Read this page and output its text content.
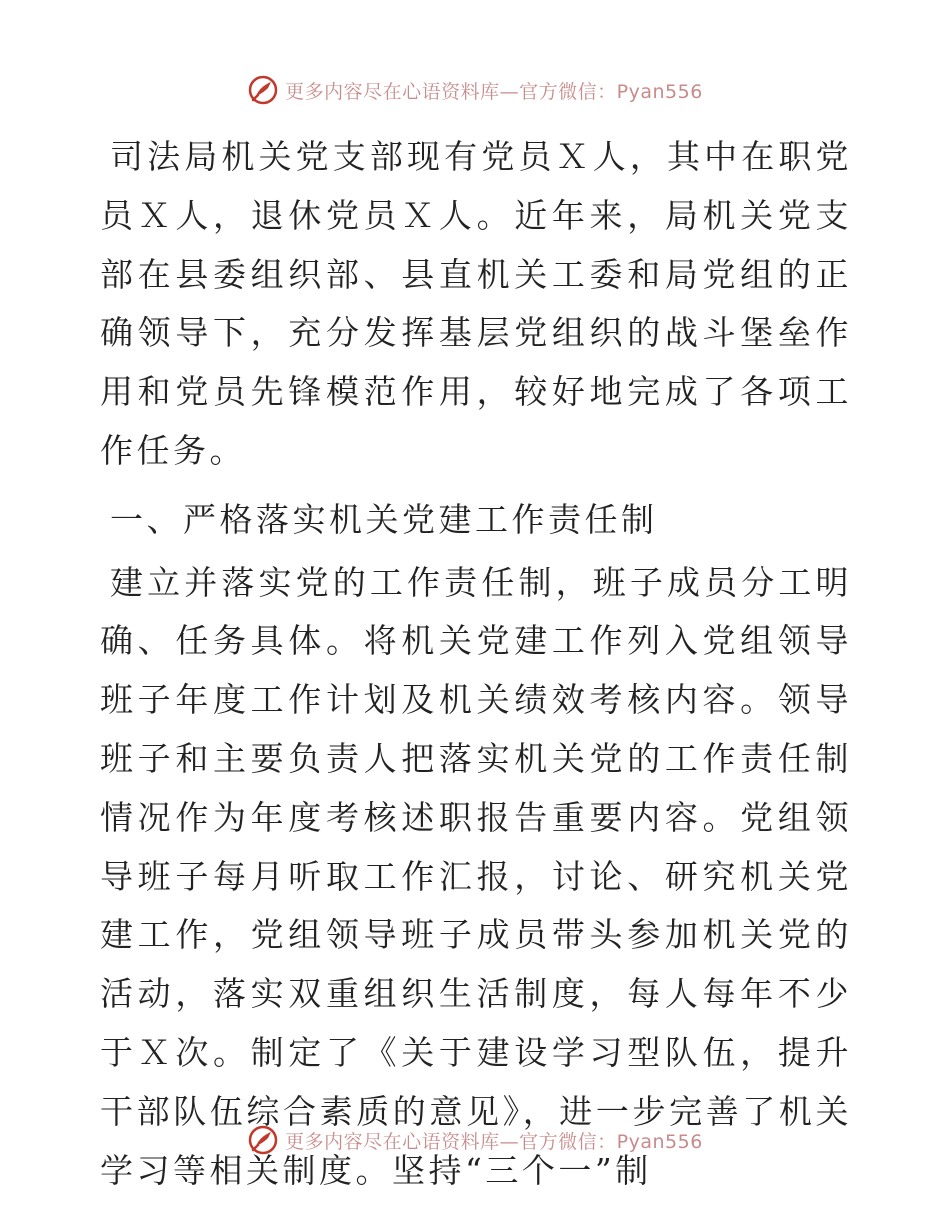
更多内容尽在心语资料库—官方微信：Pyan556

司法局机关党支部现有党员Ｘ人，其中在职党员Ｘ人，退休党员Ｘ人。近年来，局机关党支部在县委组织部、县直机关工委和局党组的正确领导下，充分发挥基层党组织的战斗堡垒作用和党员先锋模范作用，较好地完成了各项工作任务。

一、严格落实机关党建工作责任制

建立并落实党的工作责任制，班子成员分工明确、任务具体。将机关党建工作列入党组领导班子年度工作计划及机关绩效考核内容。领导班子和主要负责人把落实机关党的工作责任制情况作为年度考核述职报告重要内容。党组领导班子每月听取工作汇报，讨论、研究机关党建工作，党组领导班子成员带头参加机关党的活动，落实双重组织生活制度，每人每年不少于Ｘ次。制定了《关于建设学习型队伍，提升干部队伍综合素质的意见》，进一步完善了机关学习等相关制度。坚持“三个一”制

更多内容尽在心语资料库—官方微信：Pyan556
